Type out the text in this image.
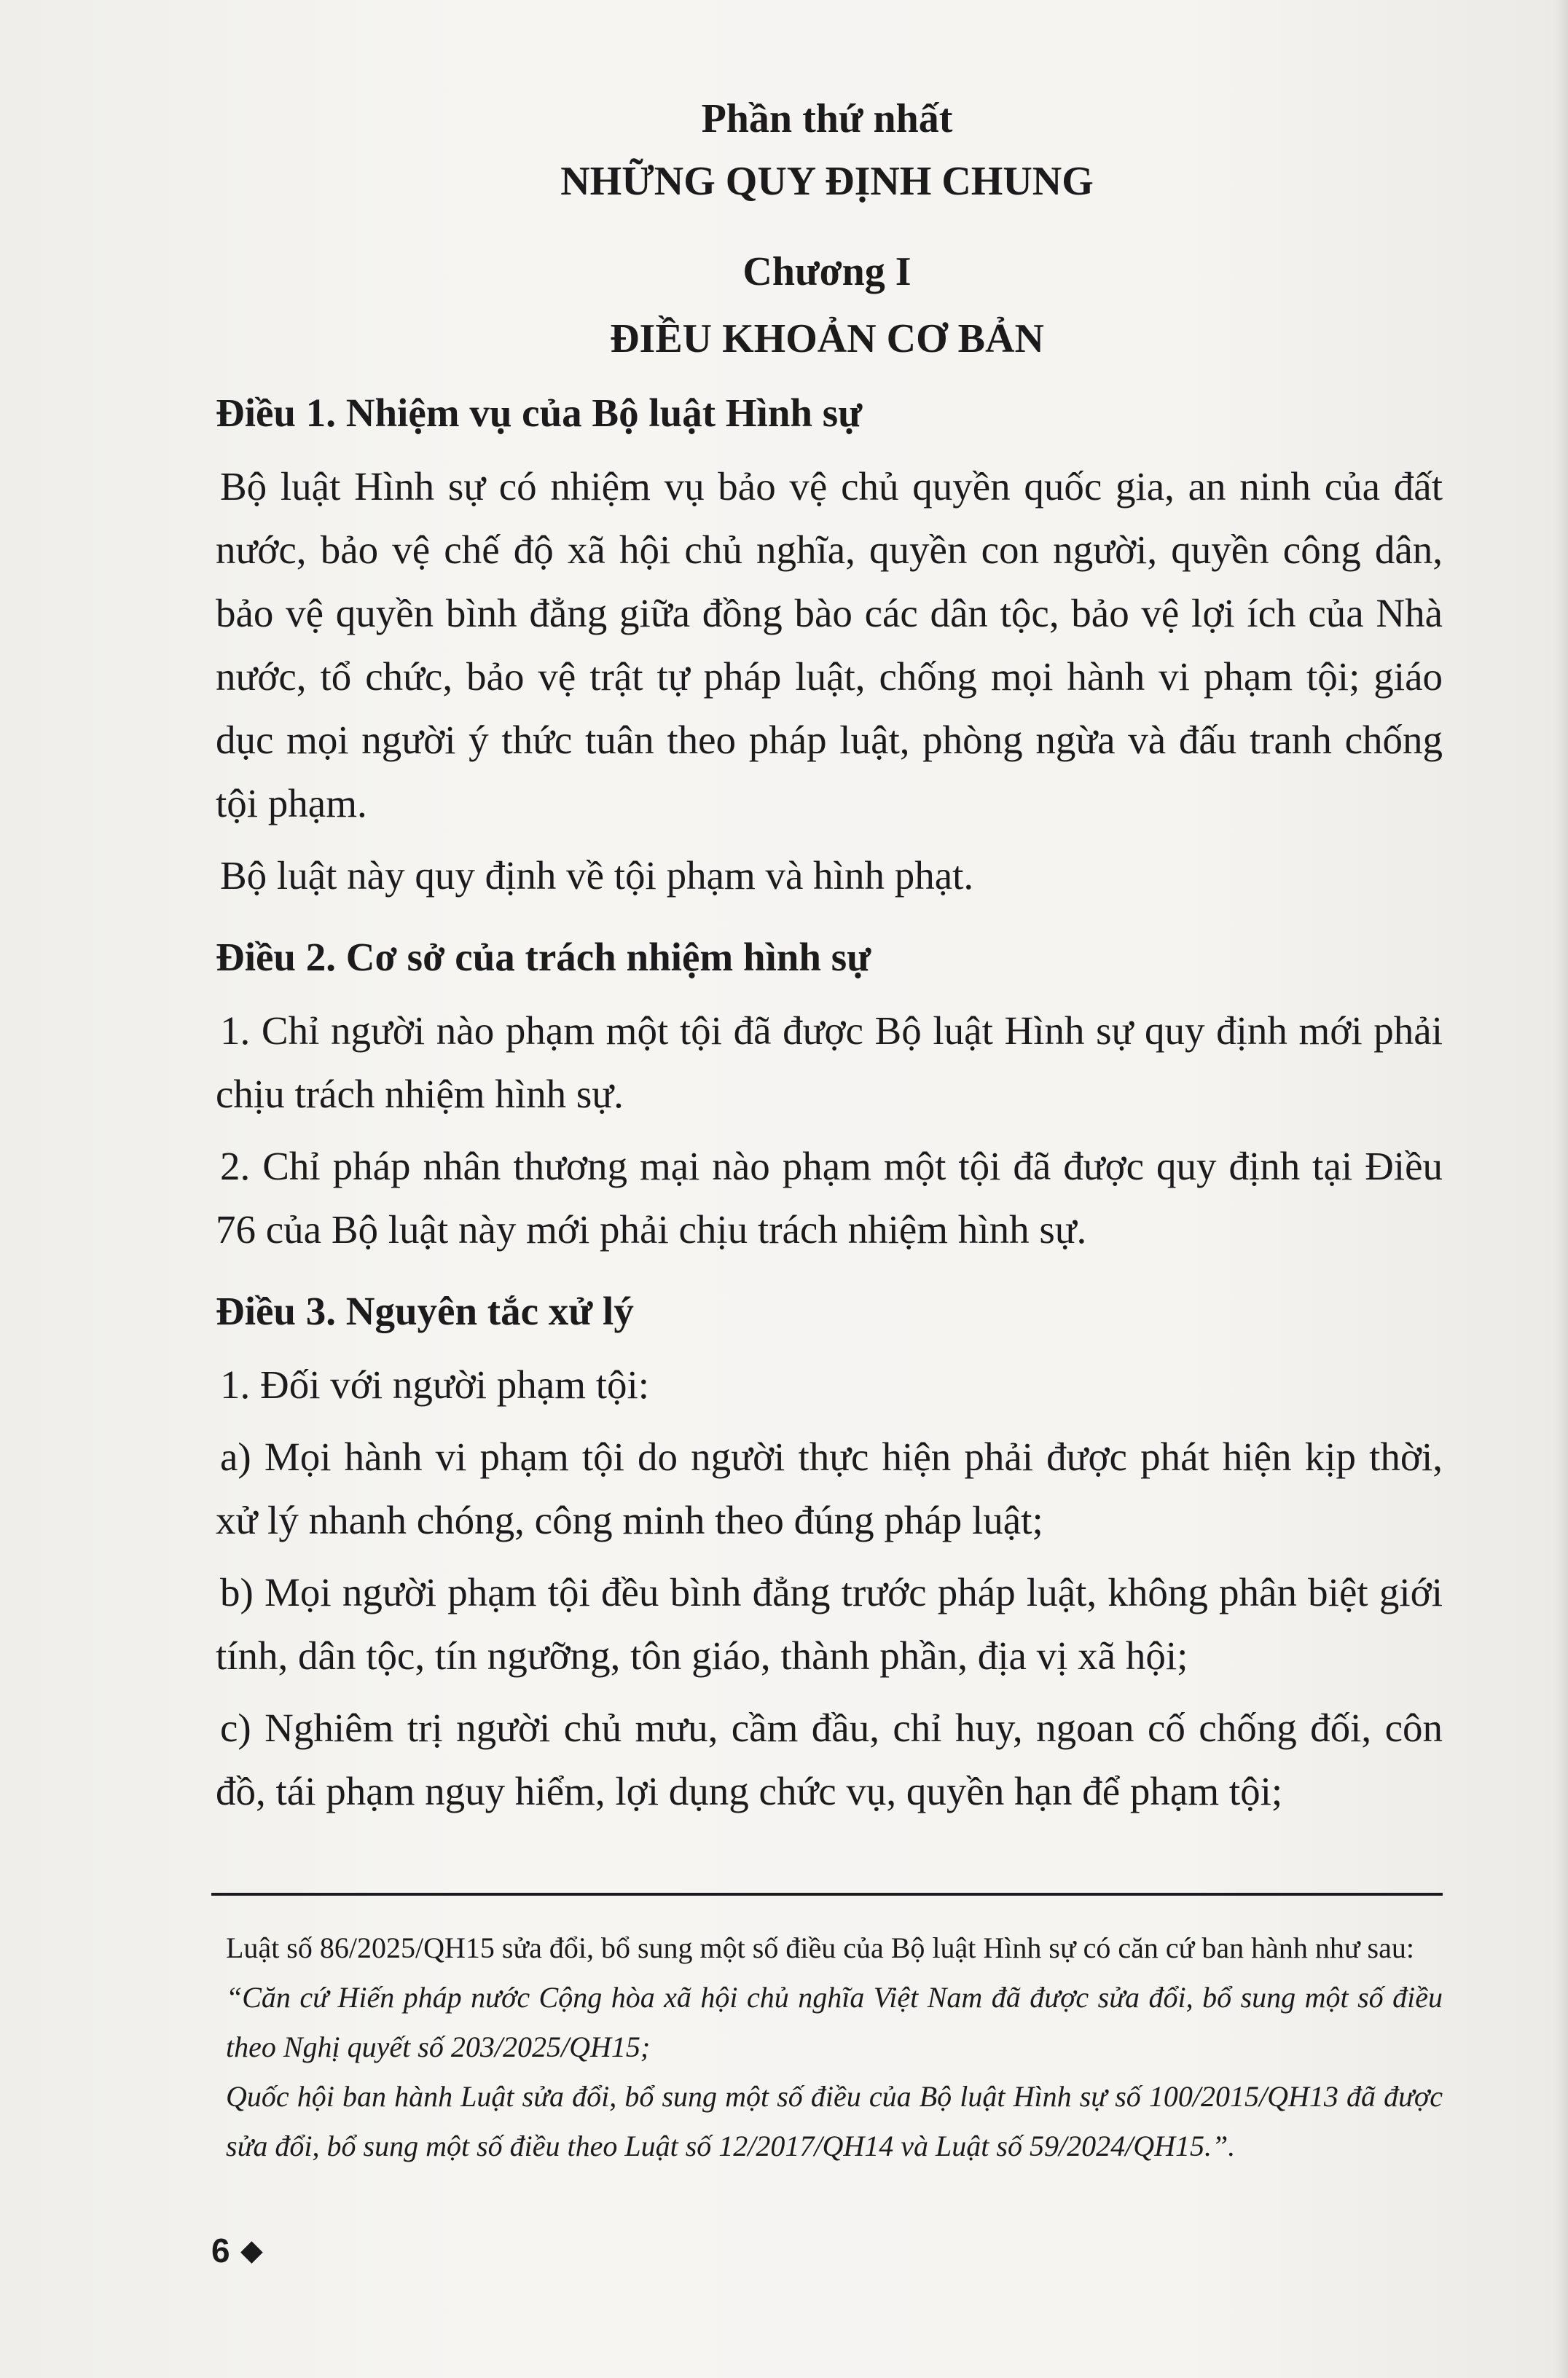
Phần thứ nhất

NHỮNG QUY ĐỊNH CHUNG

Chương I

ĐIỀU KHOẢN CƠ BẢN

Điều 1. Nhiệm vụ của Bộ luật Hình sự

Bộ luật Hình sự có nhiệm vụ bảo vệ chủ quyền quốc gia, an ninh của đất nước, bảo vệ chế độ xã hội chủ nghĩa, quyền con người, quyền công dân, bảo vệ quyền bình đẳng giữa đồng bào các dân tộc, bảo vệ lợi ích của Nhà nước, tổ chức, bảo vệ trật tự pháp luật, chống mọi hành vi phạm tội; giáo dục mọi người ý thức tuân theo pháp luật, phòng ngừa và đấu tranh chống tội phạm.

Bộ luật này quy định về tội phạm và hình phạt.

Điều 2. Cơ sở của trách nhiệm hình sự

1. Chỉ người nào phạm một tội đã được Bộ luật Hình sự quy định mới phải chịu trách nhiệm hình sự.

2. Chỉ pháp nhân thương mại nào phạm một tội đã được quy định tại Điều 76 của Bộ luật này mới phải chịu trách nhiệm hình sự.

Điều 3. Nguyên tắc xử lý

1. Đối với người phạm tội:

a) Mọi hành vi phạm tội do người thực hiện phải được phát hiện kịp thời, xử lý nhanh chóng, công minh theo đúng pháp luật;

b) Mọi người phạm tội đều bình đẳng trước pháp luật, không phân biệt giới tính, dân tộc, tín ngưỡng, tôn giáo, thành phần, địa vị xã hội;

c) Nghiêm trị người chủ mưu, cầm đầu, chỉ huy, ngoan cố chống đối, côn đồ, tái phạm nguy hiểm, lợi dụng chức vụ, quyền hạn để phạm tội;

Luật số 86/2025/QH15 sửa đổi, bổ sung một số điều của Bộ luật Hình sự có căn cứ ban hành như sau:

“Căn cứ Hiến pháp nước Cộng hòa xã hội chủ nghĩa Việt Nam đã được sửa đổi, bổ sung một số điều theo Nghị quyết số 203/2025/QH15;

Quốc hội ban hành Luật sửa đổi, bổ sung một số điều của Bộ luật Hình sự số 100/2015/QH13 đã được sửa đổi, bổ sung một số điều theo Luật số 12/2017/QH14 và Luật số 59/2024/QH15.”.

6 ◆
